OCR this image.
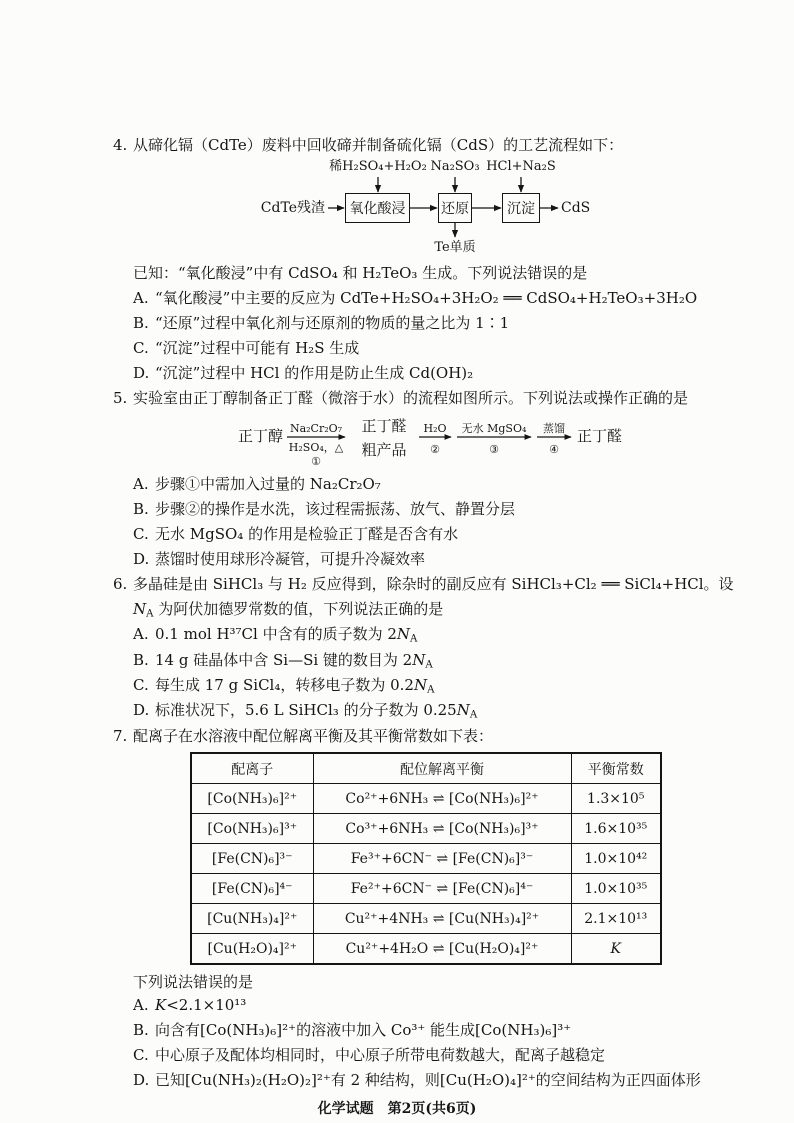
4. 从碲化镉（CdTe）废料中回收碲并制备硫化镉（CdS）的工艺流程如下：
稀H₂SO₄+H₂O₂ Na₂SO₃ HCl+Na₂S
CdTe残渣 氧化酸浸	还原	沉淀 CdS
Te单质
已知：“氧化酸浸”中有 CdSO₄ 和 H₂TeO₃ 生成。下列说法错误的是
A. “氧化酸浸”中主要的反应为 CdTe+H₂SO₄+3H₂O₂ ══ CdSO₄+H₂TeO₃+3H₂O
B. “还原”过程中氧化剂与还原剂的物质的量之比为 1∶1
C. “沉淀”过程中可能有 H₂S 生成
D. “沉淀”过程中 HCl 的作用是防止生成 Cd(OH)₂
5. 实验室由正丁醇制备正丁醛（微溶于水）的流程如图所示。下列说法或操作正确的是
正丁醇 Na₂Cr₂O₇
H₂SO₄，△
①
正丁醛
粗产品
H₂O
②
无水 MgSO₄
③
蒸馏
④
正丁醛
A. 步骤①中需加入过量的 Na₂Cr₂O₇
B. 步骤②的操作是水洗，该过程需振荡、放气、静置分层
C. 无水 MgSO₄ 的作用是检验正丁醛是否含有水
D. 蒸馏时使用球形冷凝管，可提升冷凝效率
6. 多晶硅是由 SiHCl₃ 与 H₂ 反应得到，除杂时的副反应有 SiHCl₃+Cl₂ ══ SiCl₄+HCl。设
$N_A$ 为阿伏加德罗常数的值，下列说法正确的是
A. 0.1 mol H³⁷Cl 中含有的质子数为 $2N_A$
B. 14 g 硅晶体中含 Si—Si 键的数目为 $2N_A$
C. 每生成 17 g SiCl₄，转移电子数为 $0.2N_A$
D. 标准状况下，5.6 L SiHCl₃ 的分子数为 $0.25N_A$
7. 配离子在水溶液中配位解离平衡及其平衡常数如下表：
配离子	配位解离平衡	平衡常数
[Co(NH₃)₆]²⁺	Co²⁺+6NH₃ ⇌ [Co(NH₃)₆]²⁺	1.3×10⁵
[Co(NH₃)₆]³⁺	Co³⁺+6NH₃ ⇌ [Co(NH₃)₆]³⁺	1.6×10³⁵
[Fe(CN)₆]³⁻	Fe³⁺+6CN⁻ ⇌ [Fe(CN)₆]³⁻	1.0×10⁴²
[Fe(CN)₆]⁴⁻	Fe²⁺+6CN⁻ ⇌ [Fe(CN)₆]⁴⁻	1.0×10³⁵
[Cu(NH₃)₄]²⁺	Cu²⁺+4NH₃ ⇌ [Cu(NH₃)₄]²⁺	2.1×10¹³
[Cu(H₂O)₄]²⁺	Cu²⁺+4H₂O ⇌ [Cu(H₂O)₄]²⁺	K
下列说法错误的是
A. K<2.1×10¹³
B. 向含有[Co(NH₃)₆]²⁺的溶液中加入 Co³⁺ 能生成[Co(NH₃)₆]³⁺
C. 中心原子及配体均相同时，中心原子所带电荷数越大，配离子越稳定
D. 已知[Cu(NH₃)₂(H₂O)₂]²⁺有 2 种结构，则[Cu(H₂O)₄]²⁺的空间结构为正四面体形
化学试题　第2页(共6页)
